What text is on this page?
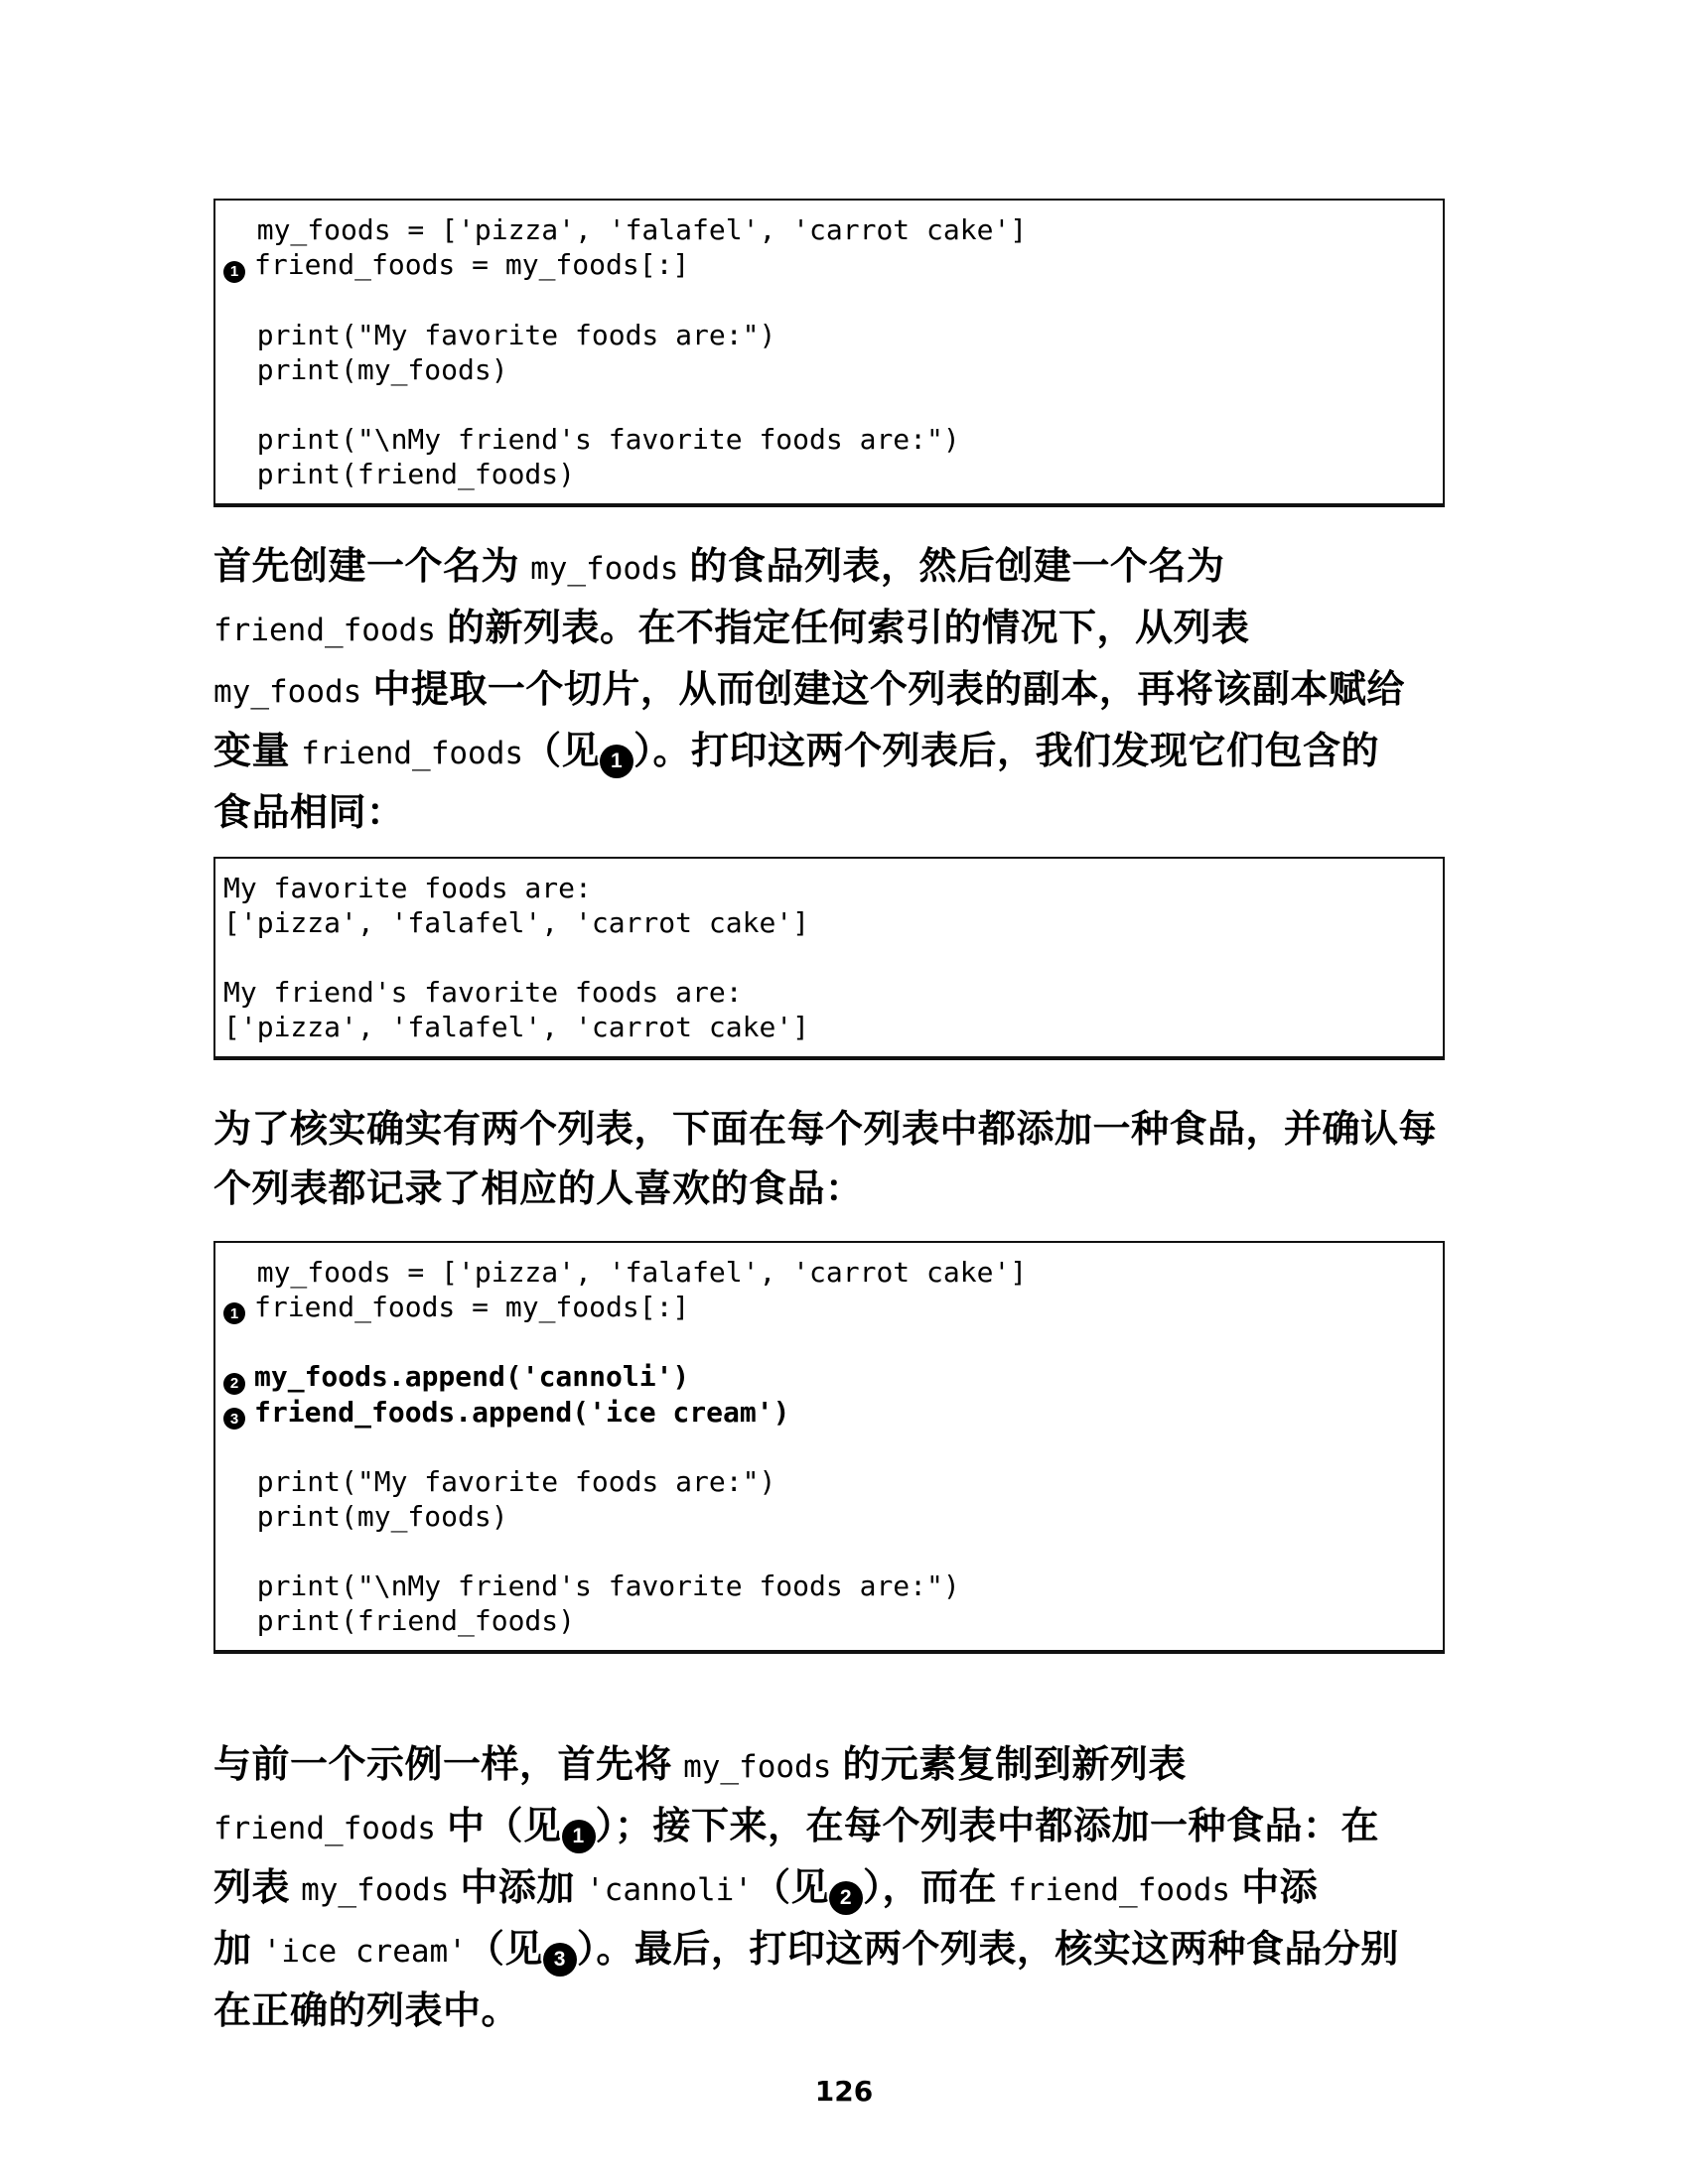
my_foods = ['pizza', 'falafel', 'carrot cake']
1 friend_foods = my_foods[:]

print("My favorite foods are:")
print(my_foods)

print("\nMy friend's favorite foods are:")
print(friend_foods)
首先创建一个名为 my_foods 的食品列表，然后创建一个名为
friend_foods 的新列表。在不指定任何索引的情况下，从列表
my_foods 中提取一个切片，从而创建这个列表的副本，再将该副本赋给
变量 friend_foods（见 1 ）。打印这两个列表后，我们发现它们包含的
食品相同：
My favorite foods are:
['pizza', 'falafel', 'carrot cake']

My friend's favorite foods are:
['pizza', 'falafel', 'carrot cake']
为了核实确实有两个列表，下面在每个列表中都添加一种食品，并确认每
个列表都记录了相应的人喜欢的食品：
my_foods = ['pizza', 'falafel', 'carrot cake']
1 friend_foods = my_foods[:]

2 my_foods.append('cannoli')
3 friend_foods.append('ice cream')

print("My favorite foods are:")
print(my_foods)

print("\nMy friend's favorite foods are:")
print(friend_foods)
与前一个示例一样，首先将 my_foods 的元素复制到新列表
friend_foods 中（见 1 ）；接下来，在每个列表中都添加一种食品：在
列表 my_foods 中添加 'cannoli'（见 2 ），而在 friend_foods 中添
加 'ice cream'（见 3 ）。最后，打印这两个列表，核实这两种食品分别
在正确的列表中。
126
